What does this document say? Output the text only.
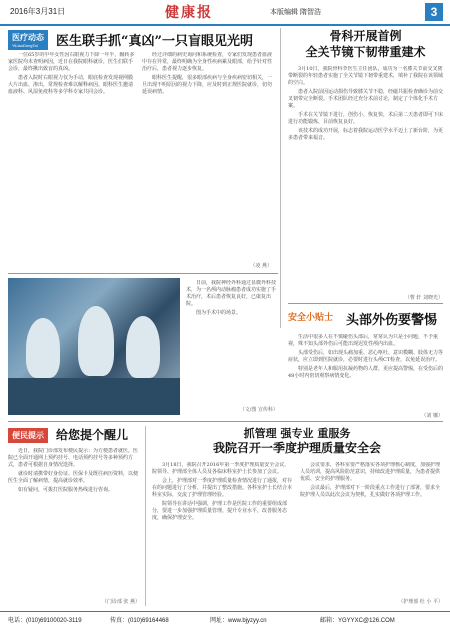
2016年3月31日	健康报	本版编辑 隋智浩	3
医疗动态
YiLiaoDongTai	医生联手抓“真凶”一只盲眼见光明

一位65岁的中年女性因右眼视力下降一年半，辗转多家医院均未查明病因，近日在我院眼科就诊，医生们联手会诊，最终揪出致盲的真凶。

患者入院时右眼视力仅为手动，眼底检查发现视网膜大片出血、渗出，常规检查难以解释病因。眼科医生邀请血液科、风湿免疫科等多学科专家共同会诊。

经过详细的病史询问和系统检查，专家们发现患者血液中存在异常，最终明确为全身性疾病累及眼部，给予针对性治疗后，患者视力逐步恢复。

眼科医生提醒，很多眼部疾病与全身疾病密切相关，一旦出现不明原因的视力下降，应及时到正规医院就诊，切勿延误病情。

（凌 燕）
骨科开展首例
全关节镜下韧带重建术

3月10日，我院骨科李医生主任团队，成功为一名膝关节前交叉韧带断裂的年轻患者实施了全关节镜下韧带重建术，填补了我院在该领域的空白。

患者入院前因运动损伤导致膝关节不稳，经磁共振检查确诊为前交叉韧带完全断裂。手术团队经过充分术前讨论，制定了个体化手术方案。

手术在关节镜下进行，创伤小、恢复快，术后第二天患者即可下床进行功能锻炼，目前恢复良好。

该技术的成功开展，标志着我院运动医学水平迈上了新台阶，为更多患者带来福音。

（曹 轩 刘晓光）

日前，我院神经外科通过显微外科技术，为一名颅内动脉瘤患者成功实施了手术治疗，术后患者恢复良好，已康复出院。

图为手术中的场景。

（文/图 宣传科）
安全小贴士 头部外伤要警惕

生活中很多人在不慎碰伤头部后，常常认为只是小问题，不予重视，殊不知头部外伤后可能出现迟发性颅内出血。

头部受伤后，如出现头痛加重、恶心呕吐、意识模糊、肢体无力等症状，应立即到医院就诊，必要时进行头颅CT检查，以免延误治疗。

特别是老年人和服用抗凝药物的人群，更应提高警惕，在受伤后的48小时内密切观察病情变化。

（刘 娜）
便民提示	给您提个醒儿

近日，我院门诊部发布便民提示：为方便患者就医，医院已全面开通网上预约挂号、电话预约挂号等多种预约方式，患者可根据自身情况选择。

就诊时请携带好身份证、医保卡及既往病历资料，以便医生全面了解病情，提高就诊效率。

如有疑问，可拨打医院服务热线进行咨询。

（门诊部 张 燕）
抓管理 强专业 重服务
我院召开一季度护理质量安全会

3月18日，我院召开2016年第一季度护理质量安全会议，院领导、护理部全体人员及各临床科室护士长参加了会议。

会上，护理部对一季度护理质量检查情况进行了通报，对存在的问题进行了分析，并提出了整改措施。各科室护士长结合本科室实际，交流了护理管理经验。

院领导在讲话中强调，护理工作是医院工作的重要组成部分，要进一步加强护理质量管理，提升专业水平，改善服务态度，确保护理安全。

会议要求，各科室要严格落实各项护理核心制度，加强护理人员培训，提高风险防范意识，持续改进护理质量，为患者提供优质、安全的护理服务。

会议最后，护理部对下一阶段重点工作进行了部署，要求全院护理人员以此次会议为契机，扎实做好各项护理工作。

（护理部 杜 小 平）
电话：(010)69100020-3119	传真：(010)69164468	网址：www.bjyzyy.cn	邮箱：YGYYXC@126.COM
